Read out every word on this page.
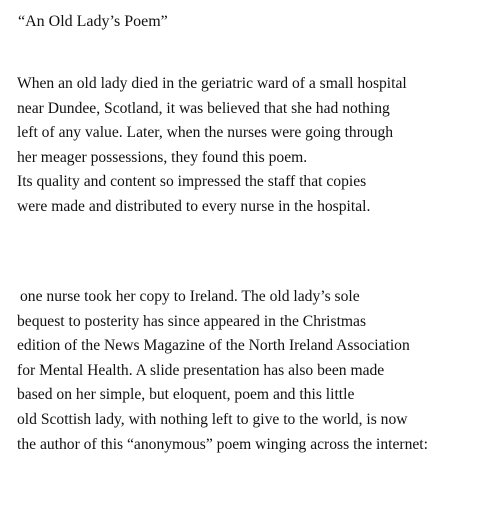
“An Old Lady’s Poem”
When an old lady died in the geriatric ward of a small hospital
near Dundee, Scotland, it was believed that she had nothing
left of any value. Later, when the nurses were going through
her meager possessions, they found this poem.
Its quality and content so impressed the staff that copies
were made and distributed to every nurse in the hospital.
one nurse took her copy to Ireland. The old lady’s sole
bequest to posterity has since appeared in the Christmas
edition of the News Magazine of the North Ireland Association
for Mental Health. A slide presentation has also been made
based on her simple, but eloquent, poem and this little
old Scottish lady, with nothing left to give to the world, is now
the author of this “anonymous” poem winging across the internet:
